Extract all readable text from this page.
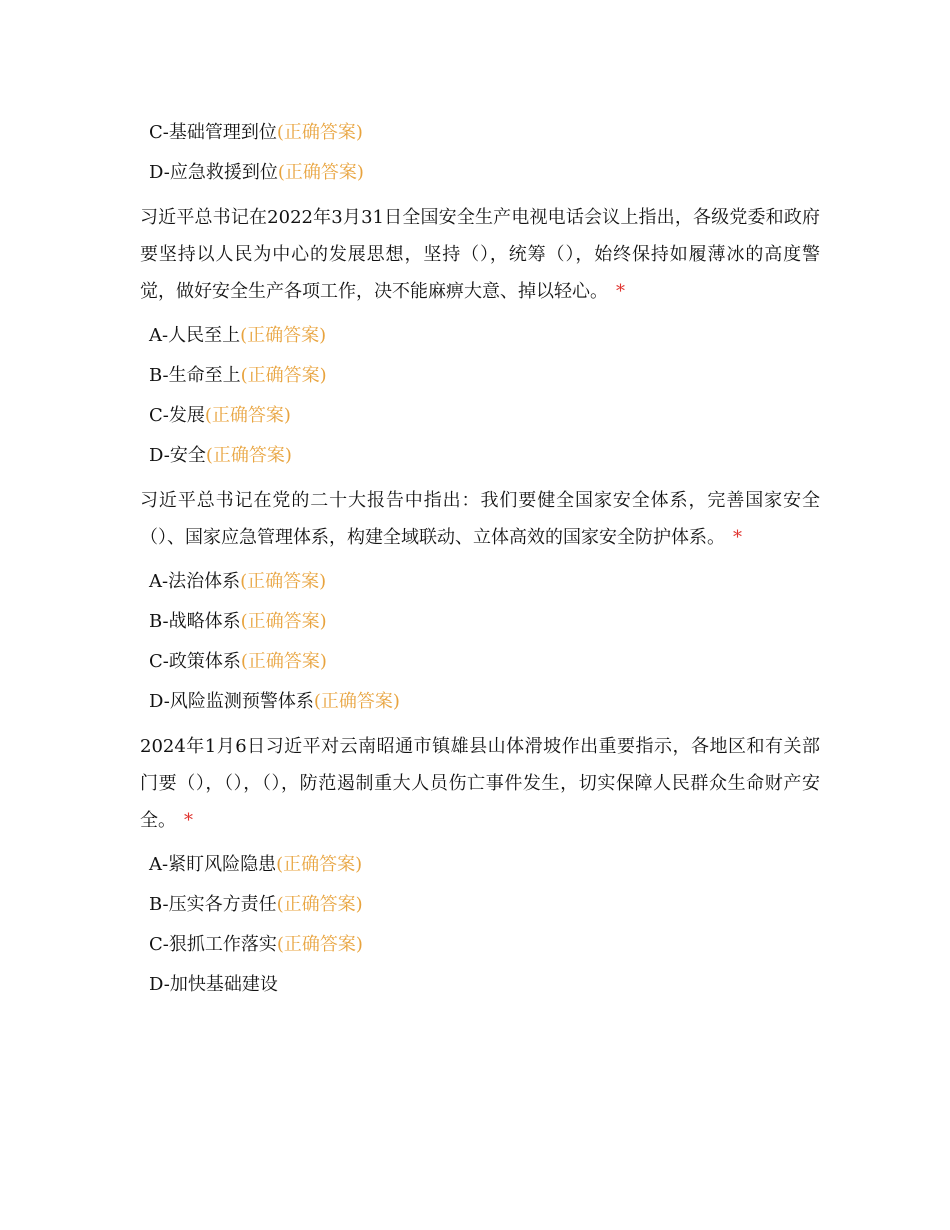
C-基础管理到位(正确答案)
D-应急救援到位(正确答案)
习近平总书记在2022年3月31日全国安全生产电视电话会议上指出，各级党委和政府要坚持以人民为中心的发展思想，坚持（），统筹（），始终保持如履薄冰的高度警觉，做好安全生产各项工作，决不能麻痹大意、掉以轻心。 *
A-人民至上(正确答案)
B-生命至上(正确答案)
C-发展(正确答案)
D-安全(正确答案)
习近平总书记在党的二十大报告中指出：我们要健全国家安全体系，完善国家安全（）、国家应急管理体系，构建全域联动、立体高效的国家安全防护体系。 *
A-法治体系(正确答案)
B-战略体系(正确答案)
C-政策体系(正确答案)
D-风险监测预警体系(正确答案)
2024年1月6日习近平对云南昭通市镇雄县山体滑坡作出重要指示，各地区和有关部门要（），（），（），防范遏制重大人员伤亡事件发生，切实保障人民群众生命财产安全。 *
A-紧盯风险隐患(正确答案)
B-压实各方责任(正确答案)
C-狠抓工作落实(正确答案)
D-加快基础建设
